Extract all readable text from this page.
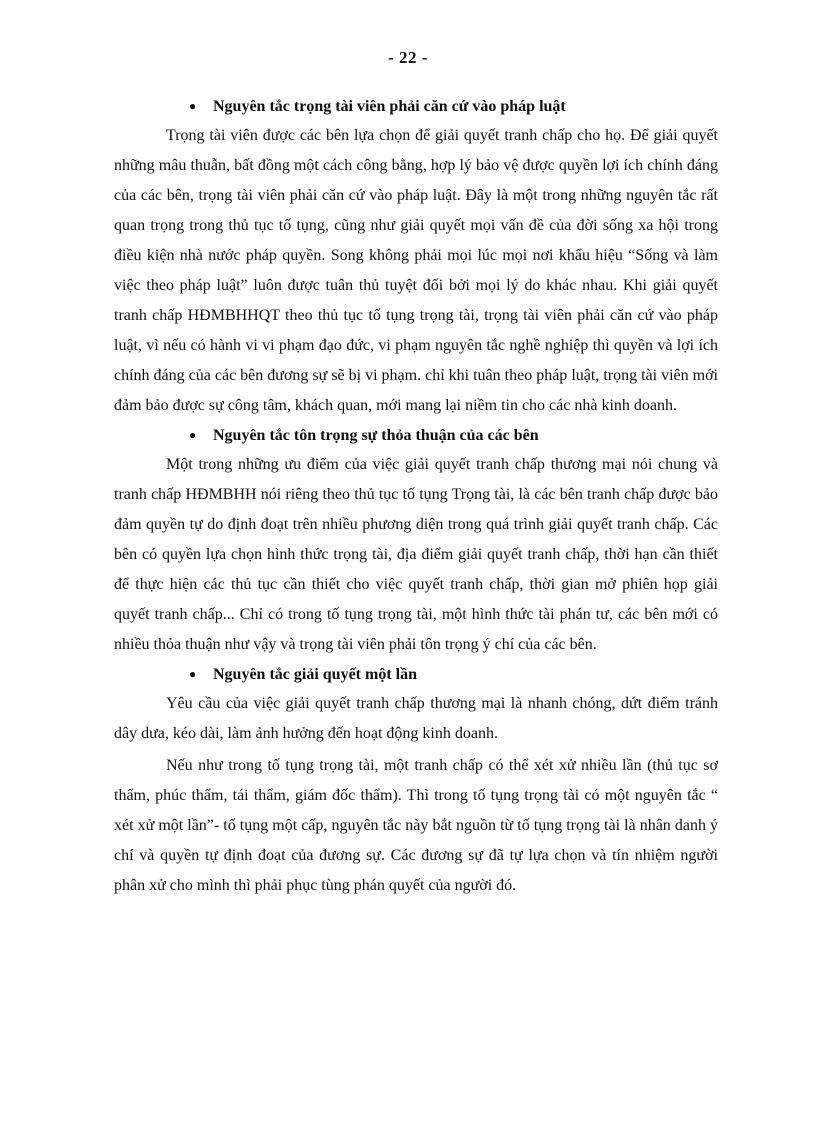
- 22 -

●	Nguyên tắc trọng tài viên phải căn cứ vào pháp luật

Trọng tài viên được các bên lựa chọn để giải quyết tranh chấp cho họ. Để giải quyết những mâu thuẫn, bất đồng một cách công bằng, hợp lý bảo vệ được quyền lợi ích chính đáng của các bên, trọng tài viên phải căn cứ vào pháp luật. Đây là một trong những nguyên tắc rất quan trọng trong thủ tục tố tụng, cũng như giải quyết mọi vấn đề của đời sống xa hội trong điều kiện nhà nước pháp quyền. Song không phải mọi lúc mọi nơi khẩu hiệu “Sống và làm việc theo pháp luật” luôn được tuân thủ tuyệt đối bởi mọi lý do khác nhau. Khi giải quyết tranh chấp HĐMBHHQT theo thủ tục tố tụng trọng tài, trọng tài viên phải căn cứ vào pháp luật, vì nếu có hành vi vi phạm đạo đức, vi phạm nguyên tắc nghề nghiệp thì quyền và lợi ích chính đáng của các bên đương sự sẽ bị vi phạm. chỉ khi tuân theo pháp luật, trọng tài viên mới đảm bảo được sự công tâm, khách quan, mới mang lại niềm tin cho các nhà kinh doanh.

●	Nguyên tắc tôn trọng sự thỏa thuận của các bên

Một trong những ưu điểm của việc giải quyết tranh chấp thương mại nói chung và tranh chấp HĐMBHH nói riêng theo thủ tục tố tụng Trọng tài, là các bên tranh chấp được bảo đảm quyền tự do định đoạt trên nhiều phương diện trong quá trình giải quyết tranh chấp. Các bên có quyền lựa chọn hình thức trọng tài, địa điểm giải quyết tranh chấp, thời hạn cần thiết để thực hiện các thủ tục cần thiết cho việc quyết tranh chấp, thời gian mở phiên họp giải quyết tranh chấp... Chỉ có trong tố tụng trọng tài, một hình thức tài phán tư, các bên mới có nhiều thỏa thuận như vậy và trọng tài viên phải tôn trọng ý chí của các bên.

●	Nguyên tắc giải quyết một lần

Yêu cầu của việc giải quyết tranh chấp thương mại là nhanh chóng, dứt điểm tránh dây dưa, kéo dài, làm ảnh hưởng đến hoạt động kinh doanh.

Nếu như trong tố tụng trọng tài, một tranh chấp có thể xét xử nhiều lần (thủ tục sơ thẩm, phúc thẩm, tái thẩm, giám đốc thẩm). Thì trong tố tụng trọng tài có một nguyên tắc “ xét xử một lần”- tố tụng một cấp, nguyên tắc này bắt nguồn từ tố tụng trọng tài là nhân danh ý chí và quyền tự định đoạt của đương sự. Các đương sự đã tự lựa chọn và tín nhiệm người phân xử cho mình thì phải phục tùng phán quyết của người đó.
